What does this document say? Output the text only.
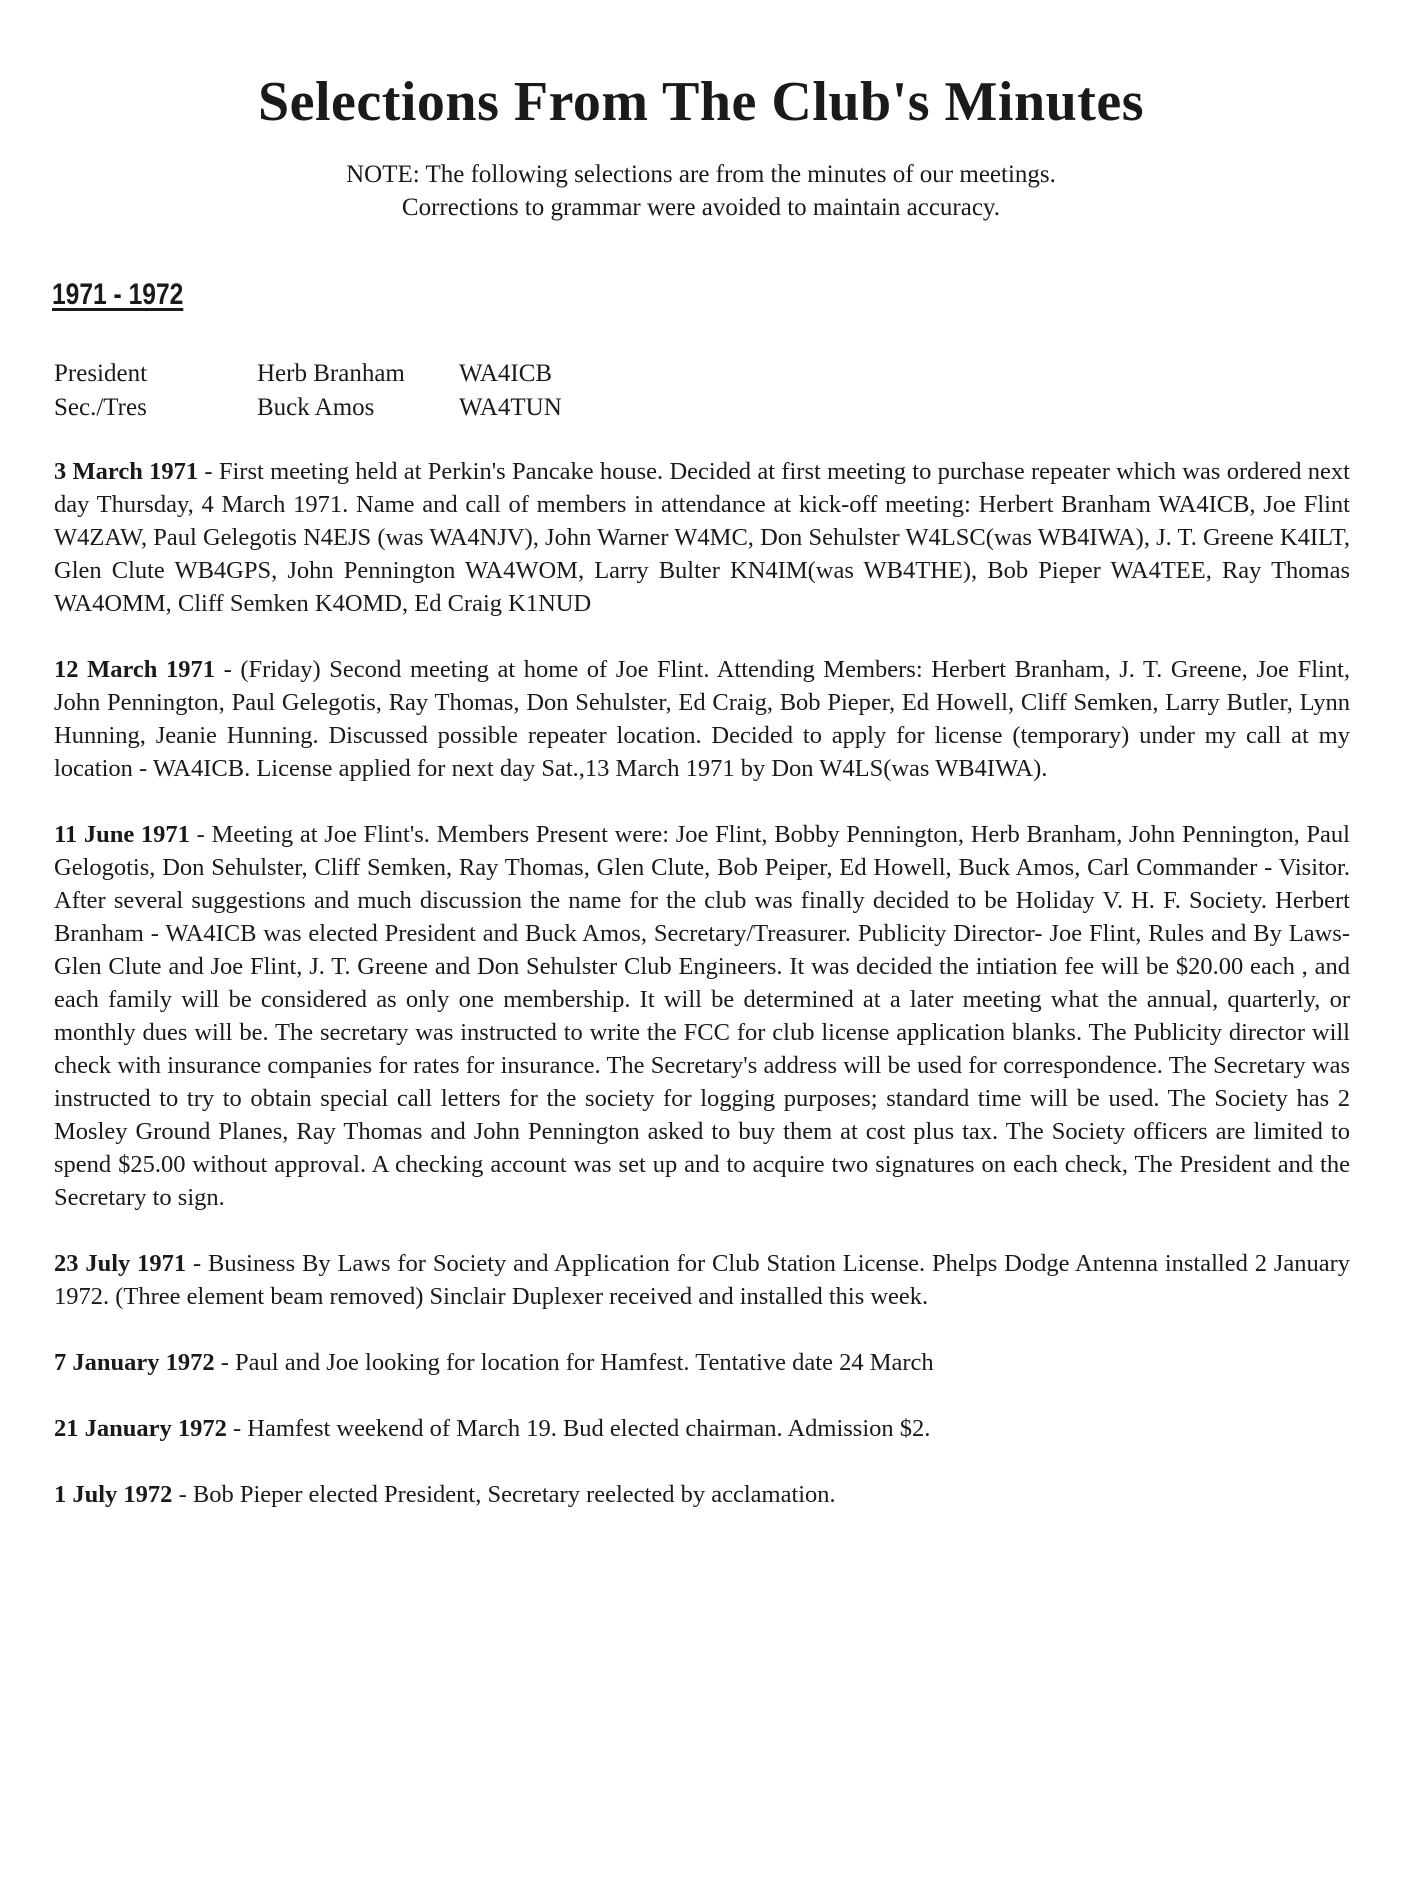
Selections From The Club's Minutes
NOTE: The following selections are from the minutes of our meetings.
Corrections to grammar were avoided to maintain accuracy.
1971 - 1972
President	Herb Branham	WA4ICB
Sec./Tres	Buck Amos	WA4TUN

3 March 1971 - First meeting held at Perkin's Pancake house. Decided at first meeting to purchase repeater which was ordered next day Thursday, 4 March 1971. Name and call of members in attendance at kick-off meeting: Herbert Branham WA4ICB, Joe Flint W4ZAW, Paul Gelegotis N4EJS (was WA4NJV), John Warner W4MC, Don Sehulster W4LSC(was WB4IWA), J. T. Greene K4ILT, Glen Clute WB4GPS, John Pennington WA4WOM, Larry Bulter KN4IM(was WB4THE), Bob Pieper WA4TEE, Ray Thomas WA4OMM, Cliff Semken K4OMD, Ed Craig K1NUD

12 March 1971 - (Friday) Second meeting at home of Joe Flint. Attending Members: Herbert Branham, J. T. Greene, Joe Flint, John Pennington, Paul Gelegotis, Ray Thomas, Don Sehulster, Ed Craig, Bob Pieper, Ed Howell, Cliff Semken, Larry Butler, Lynn Hunning, Jeanie Hunning. Discussed possible repeater location. Decided to apply for license (temporary) under my call at my location - WA4ICB. License applied for next day Sat.,13 March 1971 by Don W4LS(was WB4IWA).

11 June 1971 - Meeting at Joe Flint's. Members Present were: Joe Flint, Bobby Pennington, Herb Branham, John Pennington, Paul Gelogotis, Don Sehulster, Cliff Semken, Ray Thomas, Glen Clute, Bob Peiper, Ed Howell, Buck Amos, Carl Commander - Visitor. After several suggestions and much discussion the name for the club was finally decided to be Holiday V. H. F. Society. Herbert Branham - WA4ICB was elected President and Buck Amos, Secretary/Treasurer. Publicity Director- Joe Flint, Rules and By Laws-Glen Clute and Joe Flint, J. T. Greene and Don Sehulster Club Engineers. It was decided the intiation fee will be $20.00 each , and each family will be considered as only one membership. It will be determined at a later meeting what the annual, quarterly, or monthly dues will be. The secretary was instructed to write the FCC for club license application blanks. The Publicity director will check with insurance companies for rates for insurance. The Secretary's address will be used for correspondence. The Secretary was instructed to try to obtain special call letters for the society for logging purposes; standard time will be used. The Society has 2 Mosley Ground Planes, Ray Thomas and John Pennington asked to buy them at cost plus tax. The Society officers are limited to spend $25.00 without approval. A checking account was set up and to acquire two signatures on each check, The President and the Secretary to sign.

23 July 1971 - Business By Laws for Society and Application for Club Station License. Phelps Dodge Antenna installed 2 January 1972. (Three element beam removed) Sinclair Duplexer received and installed this week.

7 January 1972 - Paul and Joe looking for location for Hamfest. Tentative date 24 March

21 January 1972 - Hamfest weekend of March 19. Bud elected chairman. Admission $2.

1 July 1972 - Bob Pieper elected President, Secretary reelected by acclamation.
